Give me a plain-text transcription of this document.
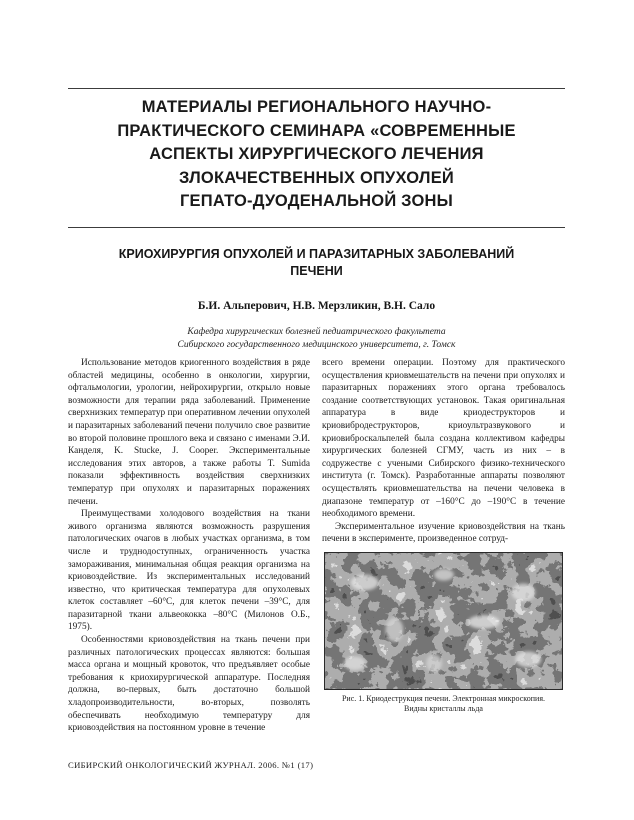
МАТЕРИАЛЫ РЕГИОНАЛЬНОГО НАУЧНО-
ПРАКТИЧЕСКОГО СЕМИНАРА «СОВРЕМЕННЫЕ
АСПЕКТЫ ХИРУРГИЧЕСКОГО ЛЕЧЕНИЯ
ЗЛОКАЧЕСТВЕННЫХ ОПУХОЛЕЙ
ГЕПАТО-ДУОДЕНАЛЬНОЙ ЗОНЫ
КРИОХИРУРГИЯ ОПУХОЛЕЙ И ПАРАЗИТАРНЫХ ЗАБОЛЕВАНИЙ
ПЕЧЕНИ
Б.И. Альперович, Н.В. Мерзликин, В.Н. Сало
Кафедра хирургических болезней педиатрического факультета
Сибирского государственного медицинского университета, г. Томск

Использование методов криогенного воздействия в ряде областей медицины, особенно в онкологии, хирургии, офтальмологии, урологии, нейрохирургии, открыло новые возможности для терапии ряда заболеваний. Применение сверхнизких температур при оперативном лечении опухолей и паразитарных заболеваний печени получило свое развитие во второй половине прошлого века и связано с именами Э.И. Канделя, K. Stucke, J. Cooper. Экспериментальные исследования этих авторов, а также работы T. Sumida показали эффективность воздействия сверхнизких температур при опухолях и паразитарных поражениях печени.

Преимуществами холодового воздействия на ткани живого организма являются возможность разрушения патологических очагов в любых участках организма, в том числе и труднодоступных, ограниченность участка замораживания, минимальная общая реакция организма на криовоздействие. Из экспериментальных исследований известно, что критическая температура для опухолевых клеток составляет –60°С, для клеток печени –39°С, для паразитарной ткани альвеококка –80°С (Милонов О.Б., 1975).

Особенностями криовоздействия на ткань печени при различных патологических процессах являются: большая масса органа и мощный кровоток, что предъявляет особые требования к криохирургической аппаратуре. Последняя должна, во-первых, быть достаточно большой хладопроизводительности, во-вторых, позволять обеспечивать необходимую температуру для криовоздействия на постоянном уровне в течение

всего времени операции. Поэтому для практического осуществления криовмешательств на печени при опухолях и паразитарных поражениях этого органа требовалось создание соответствующих установок. Такая оригинальная аппаратура в виде криодеструкторов и криовибродеструкторов, криоультразвукового и криовиброскальпелей была создана коллективом кафедры хирургических болезней СГМУ, часть из них – в содружестве с учеными Сибирского физико-технического института (г. Томск). Разработанные аппараты позволяют осуществлять криовмешательства на печени человека в диапазоне температур от –160°С до –190°С в течение необходимого времени.

Экспериментальное изучение криовоздействия на ткань печени в эксперименте, произведенное сотруд-

Рис. 1. Криодеструкция печени. Электронная микроскопия.
Видны кристаллы льда
СИБИРСКИЙ ОНКОЛОГИЧЕСКИЙ ЖУРНАЛ. 2006. №1 (17)
